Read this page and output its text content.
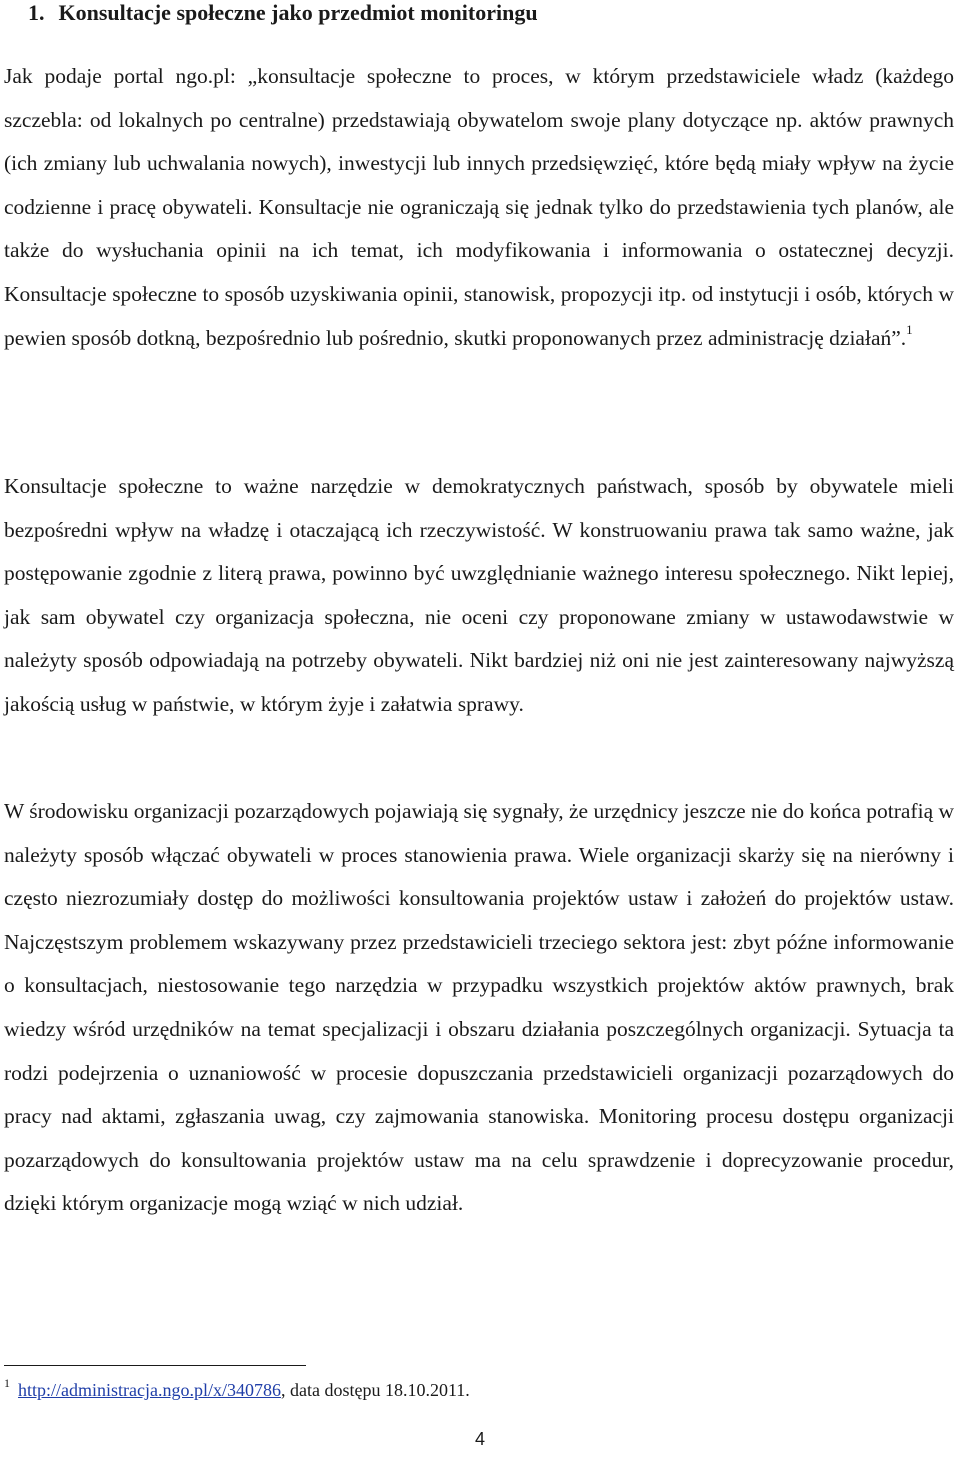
1. Konsultacje społeczne jako przedmiot monitoringu

Jak podaje portal ngo.pl: „konsultacje społeczne to proces, w którym przedstawiciele władz (każdego szczebla: od lokalnych po centralne) przedstawiają obywatelom swoje plany dotyczące np. aktów prawnych (ich zmiany lub uchwalania nowych), inwestycji lub innych przedsięwzięć, które będą miały wpływ na życie codzienne i pracę obywateli. Konsultacje nie ograniczają się jednak tylko do przedstawienia tych planów, ale także do wysłuchania opinii na ich temat, ich modyfikowania i informowania o ostatecznej decyzji. Konsultacje społeczne to sposób uzyskiwania opinii, stanowisk, propozycji itp. od instytucji i osób, których w pewien sposób dotkną, bezpośrednio lub pośrednio, skutki proponowanych przez administrację działań”.$^1$

Konsultacje społeczne to ważne narzędzie w demokratycznych państwach, sposób by obywatele mieli bezpośredni wpływ na władzę i otaczającą ich rzeczywistość. W konstruowaniu prawa tak samo ważne, jak postępowanie zgodnie z literą prawa, powinno być uwzględnianie ważnego interesu społecznego. Nikt lepiej, jak sam obywatel czy organizacja społeczna, nie oceni czy proponowane zmiany w ustawodawstwie w należyty sposób odpowiadają na potrzeby obywateli. Nikt bardziej niż oni nie jest zainteresowany najwyższą jakością usług w państwie, w którym żyje i załatwia sprawy.

W środowisku organizacji pozarządowych pojawiają się sygnały, że urzędnicy jeszcze nie do końca potrafią w należyty sposób włączać obywateli w proces stanowienia prawa. Wiele organizacji skarży się na nierówny i często niezrozumiały dostęp do możliwości konsultowania projektów ustaw i założeń do projektów ustaw. Najczęstszym problemem wskazywany przez przedstawicieli trzeciego sektora jest: zbyt późne informowanie o konsultacjach, niestosowanie tego narzędzia w przypadku wszystkich projektów aktów prawnych, brak wiedzy wśród urzędników na temat specjalizacji i obszaru działania poszczególnych organizacji. Sytuacja ta rodzi podejrzenia o uznaniowość w procesie dopuszczania przedstawicieli organizacji pozarządowych do pracy nad aktami, zgłaszania uwag, czy zajmowania stanowiska. Monitoring procesu dostępu organizacji pozarządowych do konsultowania projektów ustaw ma na celu sprawdzenie i doprecyzowanie procedur, dzięki którym organizacje mogą wziąć w nich udział.

$^1$ http://administracja.ngo.pl/x/340786, data dostępu 18.10.2011.
4
